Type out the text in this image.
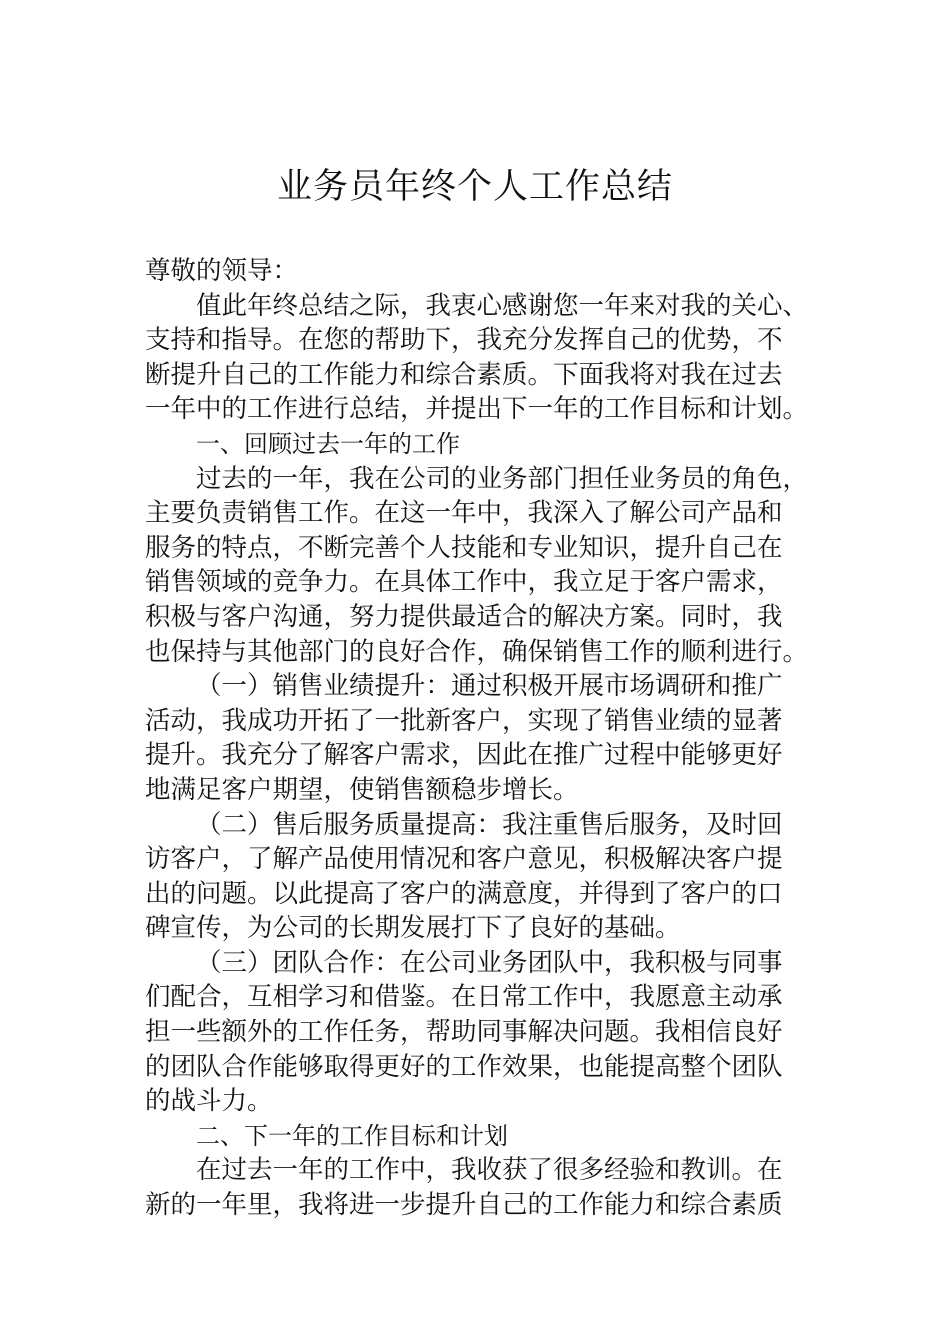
业务员年终个人工作总结
尊敬的领导：
值此年终总结之际，我衷心感谢您一年来对我的关心、
支持和指导。在您的帮助下，我充分发挥自己的优势，不
断提升自己的工作能力和综合素质。下面我将对我在过去
一年中的工作进行总结，并提出下一年的工作目标和计划。
一、回顾过去一年的工作
过去的一年，我在公司的业务部门担任业务员的角色，
主要负责销售工作。在这一年中，我深入了解公司产品和
服务的特点，不断完善个人技能和专业知识，提升自己在
销售领域的竞争力。在具体工作中，我立足于客户需求，
积极与客户沟通，努力提供最适合的解决方案。同时，我
也保持与其他部门的良好合作，确保销售工作的顺利进行。
（一）销售业绩提升：通过积极开展市场调研和推广
活动，我成功开拓了一批新客户，实现了销售业绩的显著
提升。我充分了解客户需求，因此在推广过程中能够更好
地满足客户期望，使销售额稳步增长。
（二）售后服务质量提高：我注重售后服务，及时回
访客户，了解产品使用情况和客户意见，积极解决客户提
出的问题。以此提高了客户的满意度，并得到了客户的口
碑宣传，为公司的长期发展打下了良好的基础。
（三）团队合作：在公司业务团队中，我积极与同事
们配合，互相学习和借鉴。在日常工作中，我愿意主动承
担一些额外的工作任务，帮助同事解决问题。我相信良好
的团队合作能够取得更好的工作效果，也能提高整个团队
的战斗力。
二、下一年的工作目标和计划
在过去一年的工作中，我收获了很多经验和教训。在
新的一年里，我将进一步提升自己的工作能力和综合素质
